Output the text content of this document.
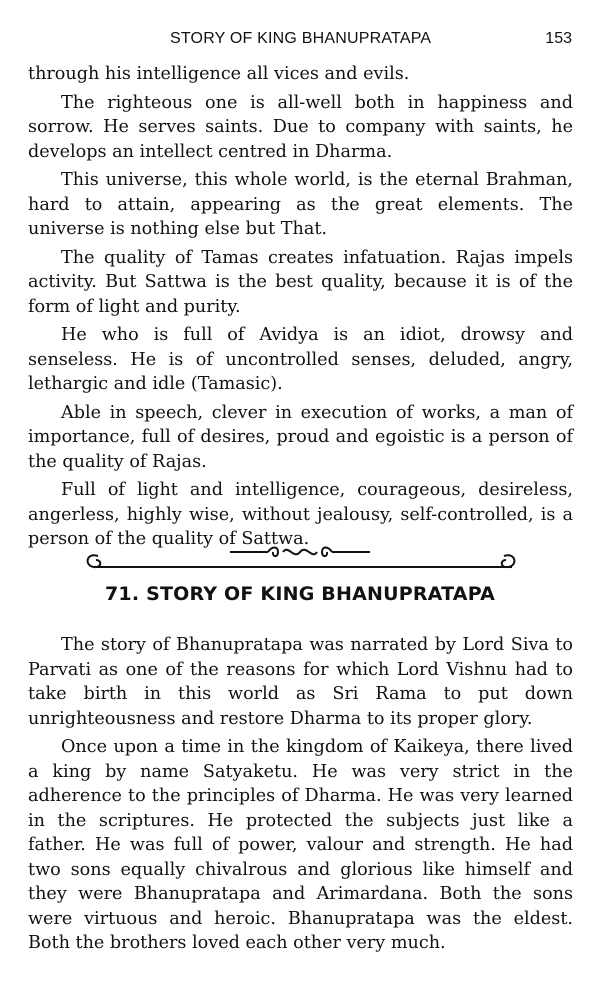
STORY OF KING BHANUPRATAPA	153

through his intelligence all vices and evils.

The righteous one is all-well both in happiness and sorrow. He serves saints. Due to company with saints, he develops an intellect centred in Dharma.

This universe, this whole world, is the eternal Brahman, hard to attain, appearing as the great elements. The universe is nothing else but That.

The quality of Tamas creates infatuation. Rajas impels activity. But Sattwa is the best quality, because it is of the form of light and purity.

He who is full of Avidya is an idiot, drowsy and senseless. He is of uncontrolled senses, deluded, angry, lethargic and idle (Tamasic).

Able in speech, clever in execution of works, a man of importance, full of desires, proud and egoistic is a person of the quality of Rajas.

Full of light and intelligence, courageous, desireless, angerless, highly wise, without jealousy, self-controlled, is a person of the quality of Sattwa.

71. STORY OF KING BHANUPRATAPA

The story of Bhanupratapa was narrated by Lord Siva to Parvati as one of the reasons for which Lord Vishnu had to take birth in this world as Sri Rama to put down unrighteousness and restore Dharma to its proper glory.

Once upon a time in the kingdom of Kaikeya, there lived a king by name Satyaketu. He was very strict in the adherence to the principles of Dharma. He was very learned in the scriptures. He protected the subjects just like a father. He was full of power, valour and strength. He had two sons equally chivalrous and glorious like himself and they were Bhanupratapa and Arimardana. Both the sons were virtuous and heroic. Bhanupratapa was the eldest. Both the brothers loved each other very much.
